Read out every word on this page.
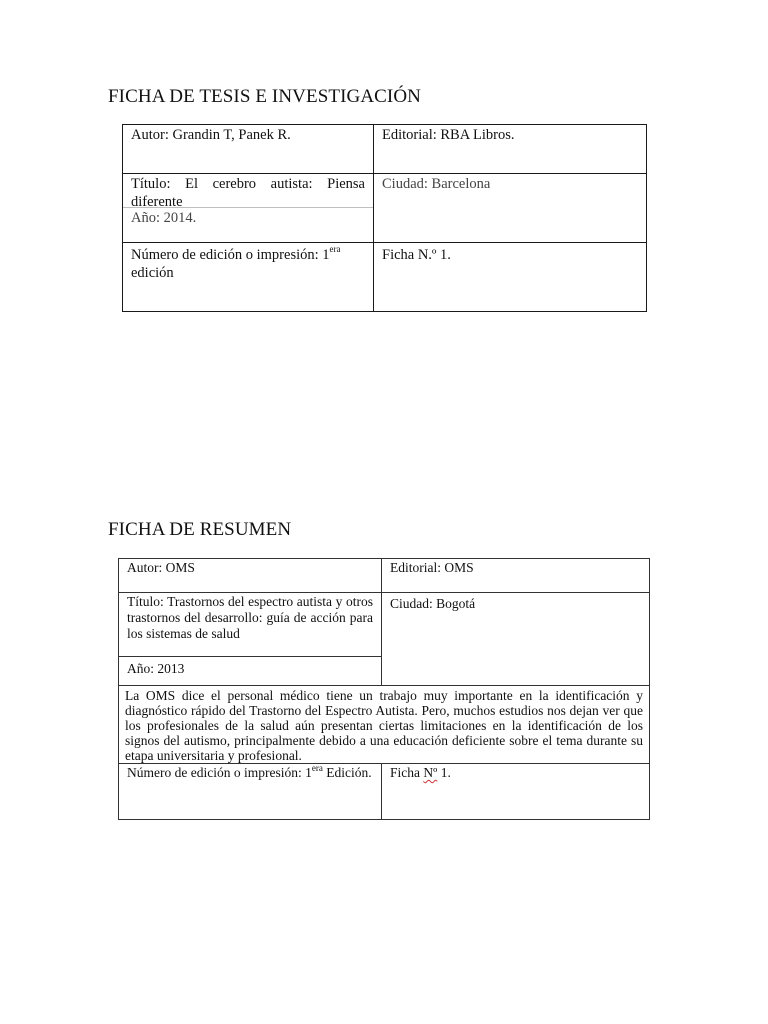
FICHA DE TESIS E INVESTIGACIÓN
Autor: Grandin T, Panek R.	Editorial: RBA Libros.

Título: El cerebro autista: Piensa diferente
Año: 2014.	Ciudad: Barcelona

Número de edición o impresión: $1^{era}$ edición	Ficha N.º 1.
FICHA DE RESUMEN
Autor: OMS	Editorial: OMS

Título: Trastornos del espectro autista y otros trastornos del desarrollo: guía de acción para los sistemas de salud
Año: 2013	Ciudad: Bogotá

La OMS dice el personal médico tiene un trabajo muy importante en la identificación y diagnóstico rápido del Trastorno del Espectro Autista. Pero, muchos estudios nos dejan ver que los profesionales de la salud aún presentan ciertas limitaciones en la identificación de los signos del autismo, principalmente debido a una educación deficiente sobre el tema durante su etapa universitaria y profesional.	

Número de edición o impresión: $1^{era}$ Edición.	Ficha Nº 1.
